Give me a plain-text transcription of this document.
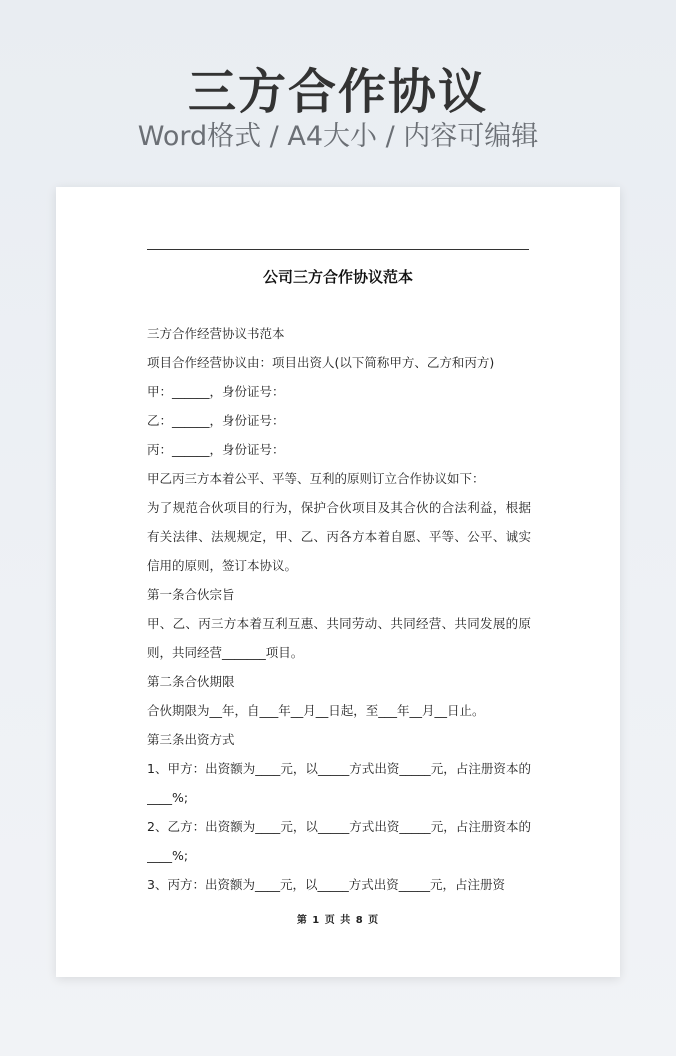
三方合作协议
Word格式 / A4大小 / 内容可编辑
公司三方合作协议范本

三方合作经营协议书范本

项目合作经营协议由：项目出资人(以下简称甲方、乙方和丙方)

甲：______，身份证号：

乙：______，身份证号：

丙：______，身份证号：

甲乙丙三方本着公平、平等、互利的原则订立合作协议如下：

为了规范合伙项目的行为，保护合伙项目及其合伙的合法利益，根据有关法律、法规规定，甲、乙、丙各方本着自愿、平等、公平、诚实信用的原则，签订本协议。

第一条合伙宗旨

甲、乙、丙三方本着互利互惠、共同劳动、共同经营、共同发展的原则，共同经营_______项目。

第二条合伙期限

合伙期限为__年，自___年__月__日起，至___年__月__日止。

第三条出资方式

1、甲方：出资额为____元，以_____方式出资_____元，占注册资本的____%;

2、乙方：出资额为____元，以_____方式出资_____元，占注册资本的____%;

3、丙方：出资额为____元，以_____方式出资_____元，占注册资

第 1 页 共 8 页
